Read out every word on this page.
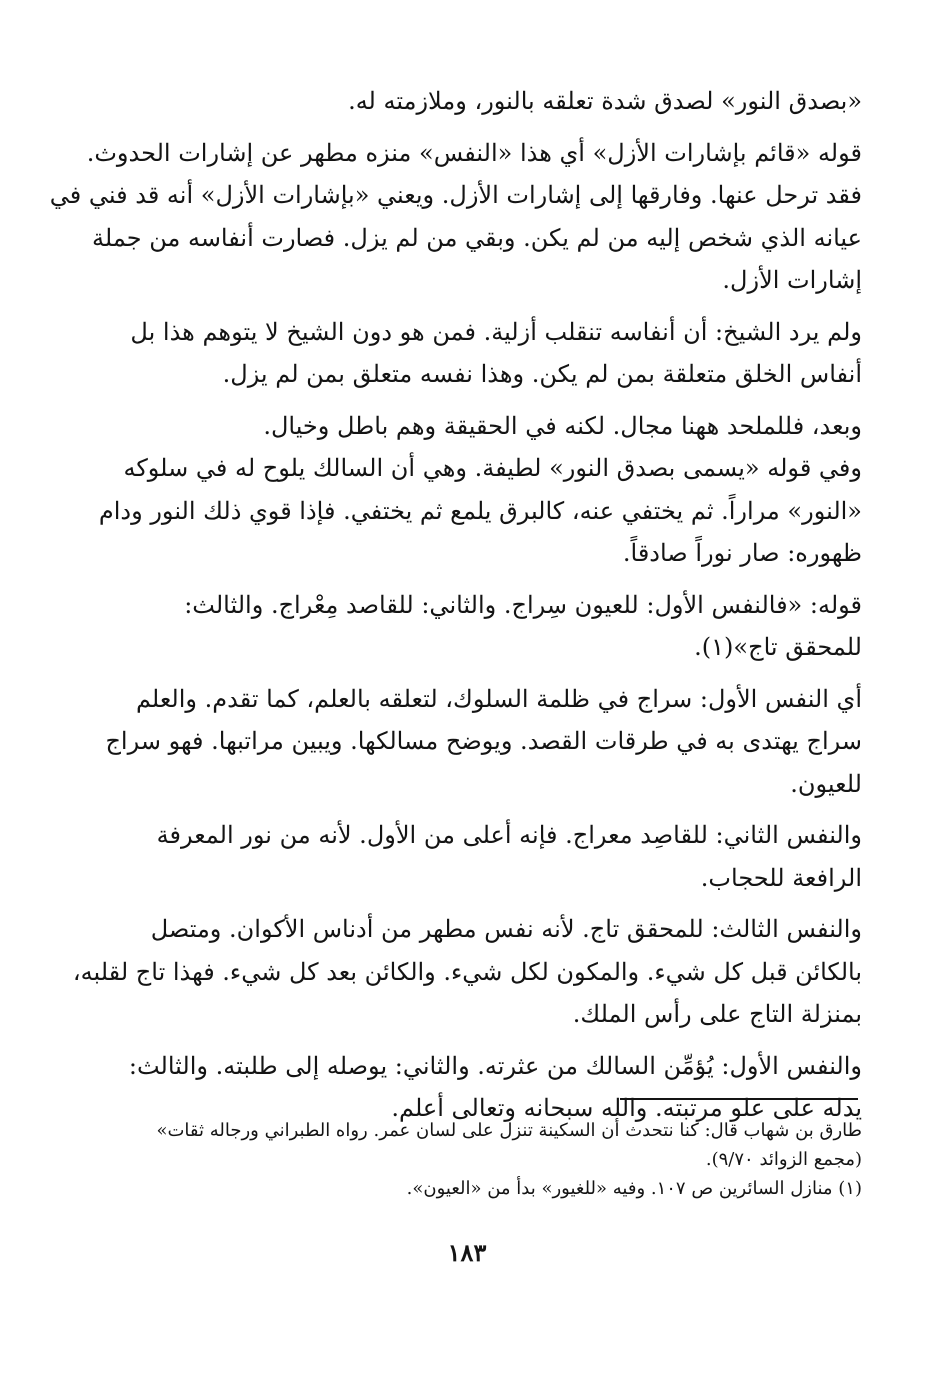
«بصدق النور» لصدق شدة تعلقه بالنور، وملازمته له.

قوله «قائم بإشارات الأزل» أي هذا «النفس» منزه مطهر عن إشارات الحدوث.
فقد ترحل عنها. وفارقها إلى إشارات الأزل. ويعني «بإشارات الأزل» أنه قد فني في
عيانه الذي شخص إليه من لم يكن. وبقي من لم يزل. فصارت أنفاسه من جملة
إشارات الأزل.

ولم يرد الشيخ: أن أنفاسه تنقلب أزلية. فمن هو دون الشيخ لا يتوهم هذا بل
أنفاس الخلق متعلقة بمن لم يكن. وهذا نفسه متعلق بمن لم يزل.

وبعد، فللملحد ههنا مجال. لكنه في الحقيقة وهم باطل وخيال.

وفي قوله «يسمى بصدق النور» لطيفة. وهي أن السالك يلوح له في سلوكه
«النور» مراراً. ثم يختفي عنه، كالبرق يلمع ثم يختفي. فإذا قوي ذلك النور ودام
ظهوره: صار نوراً صادقاً.

قوله: «فالنفس الأول: للعيون سِراج. والثاني: للقاصد مِعْراج. والثالث:
للمحقق تاج»(١).

أي النفس الأول: سراج في ظلمة السلوك، لتعلقه بالعلم، كما تقدم. والعلم
سراج يهتدى به في طرقات القصد. ويوضح مسالكها. ويبين مراتبها. فهو سراج
للعيون.

والنفس الثاني: للقاصِد معراج. فإنه أعلى من الأول. لأنه من نور المعرفة
الرافعة للحجاب.

والنفس الثالث: للمحقق تاج. لأنه نفس مطهر من أدناس الأكوان. ومتصل
بالكائن قبل كل شيء. والمكون لكل شيء. والكائن بعد كل شيء. فهذا تاج لقلبه،
بمنزلة التاج على رأس الملك.

والنفس الأول: يُؤمِّن السالك من عثرته. والثاني: يوصله إلى طلبته. والثالث:
يدله على علو مرتبته. والله سبحانه وتعالى أعلم.

طارق بن شهاب قال: كنا نتحدث أن السكينة تنزل على لسان عمر. رواه الطبراني ورجاله ثقات»
(مجمع الزوائد ٩/٧٠).
(١) منازل السائرين ص ١٠٧. وفيه «للغيور» بدأ من «العيون».
١٨٣
